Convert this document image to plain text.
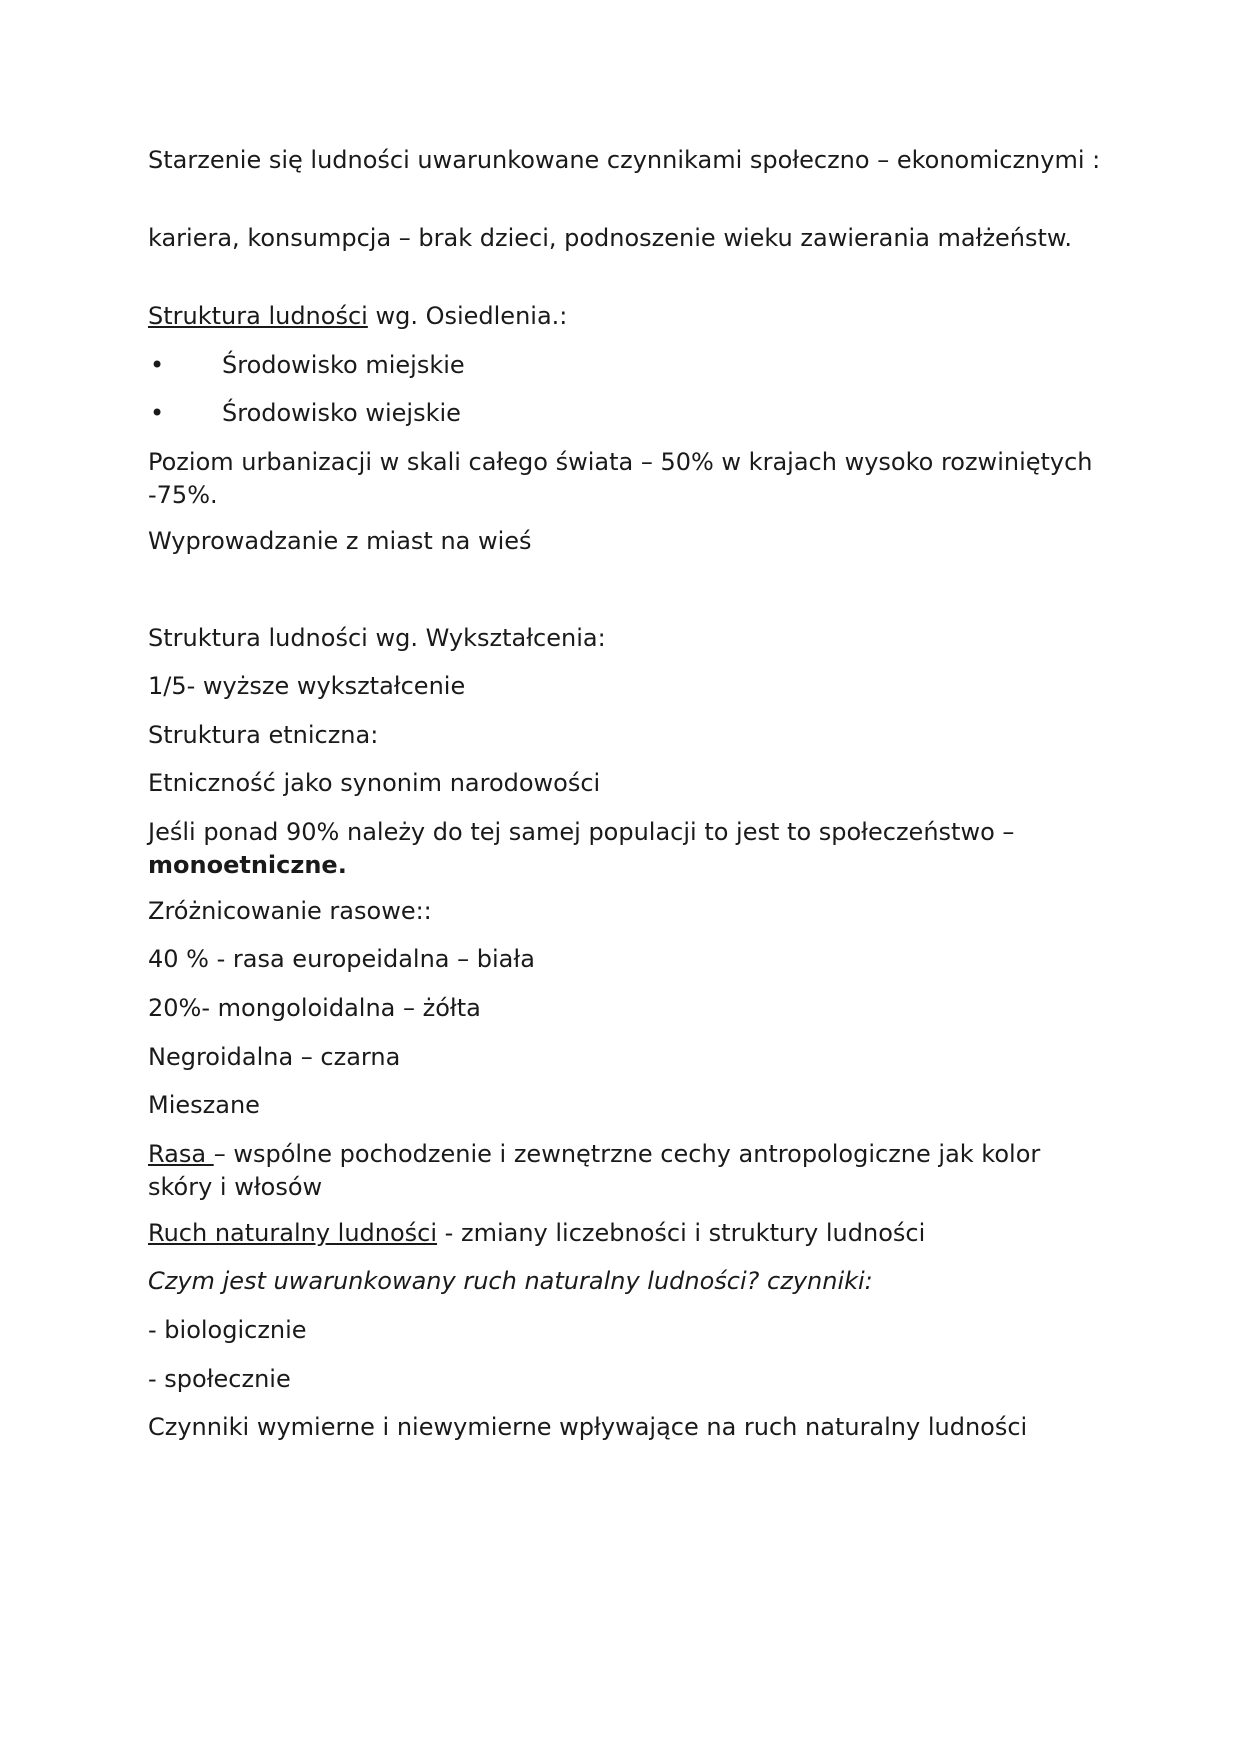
Starzenie się ludności uwarunkowane czynnikami społeczno – ekonomicznymi :

kariera, konsumpcja – brak dzieci, podnoszenie wieku zawierania małżeństw.

Struktura ludności wg. Osiedlenia.:

• Środowisko miejskie
• Środowisko wiejskie

Poziom urbanizacji w skali całego świata – 50% w krajach wysoko rozwiniętych -75%.

Wyprowadzanie z miast na wieś

Struktura ludności wg. Wykształcenia:

1/5- wyższe wykształcenie

Struktura etniczna:

Etniczność jako synonim narodowości

Jeśli ponad 90% należy do tej samej populacji to jest to społeczeństwo – monoetniczne.

Zróżnicowanie rasowe::

40 % - rasa europeidalna – biała

20%- mongoloidalna – żółta

Negroidalna – czarna

Mieszane

Rasa – wspólne pochodzenie i zewnętrzne cechy antropologiczne jak kolor skóry i włosów

Ruch naturalny ludności - zmiany liczebności i struktury ludności

Czym jest uwarunkowany ruch naturalny ludności? czynniki:

- biologicznie

- społecznie

Czynniki wymierne i niewymierne wpływające na ruch naturalny ludności
